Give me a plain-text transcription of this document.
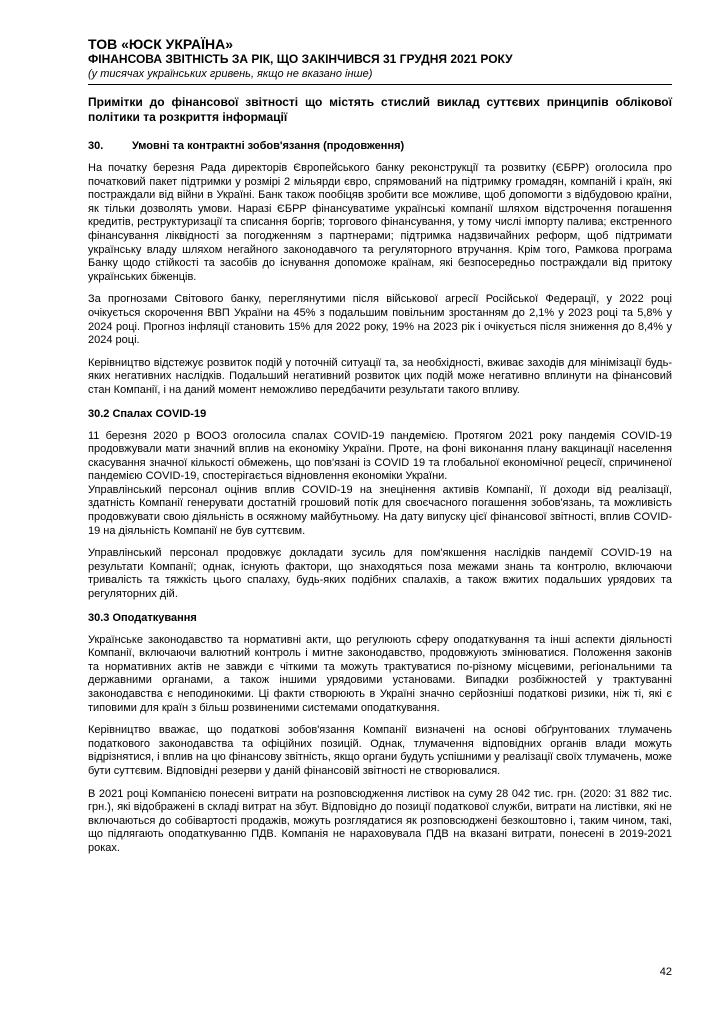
ТОВ «ЮСК УКРАЇНА»
ФІНАНСОВА ЗВІТНІСТЬ ЗА РІК, ЩО ЗАКІНЧИВСЯ 31 ГРУДНЯ 2021 РОКУ
(у тисячах українських гривень, якщо не вказано інше)
Примітки до фінансової звітності що містять стислий виклад суттєвих принципів облікової політики та розкриття інформації
30.	Умовні та контрактні зобов'язання (продовження)

На початку березня Рада директорів Європейського банку реконструкції та розвитку (ЄБРР) оголосила про початковий пакет підтримки у розмірі 2 мільярди євро, спрямований на підтримку громадян, компаній і країн, які постраждали від війни в Україні. Банк також пообіцяв зробити все можливе, щоб допомогти з відбудовою країни, як тільки дозволять умови. Наразі ЄБРР фінансуватиме українські компанії шляхом відстрочення погашення кредитів, реструктуризації та списання боргів; торгового фінансування, у тому числі імпорту палива; екстренного фінансування ліквідності за погодженням з партнерами; підтримка надзвичайних реформ, щоб підтримати українську владу шляхом негайного законодавчого та регуляторного втручання. Крім того, Рамкова програма Банку щодо стійкості та засобів до існування допоможе країнам, які безпосередньо постраждали від притоку українських біженців.

За прогнозами Світового банку, переглянутими після військової агресії Російської Федерації, у 2022 році очікується скорочення ВВП України на 45% з подальшим повільним зростанням до 2,1% у 2023 році та 5,8% у 2024 році. Прогноз інфляції становить 15% для 2022 року, 19% на 2023 рік і очікується після зниження до 8,4% у 2024 році.

Керівництво відстежує розвиток подій у поточній ситуації та, за необхідності, вживає заходів для мінімізації будь-яких негативних наслідків. Подальший негативний розвиток цих подій може негативно вплинути на фінансовий стан Компанії, і на даний момент неможливо передбачити результати такого впливу.

30.2 Спалах COVID-19

11 березня 2020 р ВООЗ оголосила спалах COVID-19 пандемією. Протягом 2021 року пандемія COVID-19 продовжували мати значний вплив на економіку України. Проте, на фоні виконання плану вакцинації населення скасування значної кількості обмежень, що пов'язані із COVID 19 та глобальної економічної рецесії, спричиненої пандемією COVID-19, спостерігається відновлення економіки України.

Управлінський персонал оцінив вплив COVID-19 на знецінення активів Компанії, її доходи від реалізації, здатність Компанії генерувати достатній грошовий потік для своєчасного погашення зобов'язань, та можливість продовжувати свою діяльність в осяжному майбутньому. На дату випуску цієї фінансової звітності, вплив COVID-19 на діяльність Компанії не був суттєвим.

Управлінський персонал продовжує докладати зусиль для пом'якшення наслідків пандемії COVID-19 на результати Компанії; однак, існують фактори, що знаходяться поза межами знань та контролю, включаючи тривалість та тяжкість цього спалаху, будь-яких подібних спалахів, а також вжитих подальших урядових та регуляторних дій.

30.3 Оподаткування

Українське законодавство та нормативні акти, що регулюють сферу оподаткування та інші аспекти діяльності Компанії, включаючи валютний контроль і митне законодавство, продовжують змінюватися. Положення законів та нормативних актів не завжди є чіткими та можуть трактуватися по-різному місцевими, регіональними та державними органами, а також іншими урядовими установами. Випадки розбіжностей у трактуванні законодавства є неподинокими. Ці факти створюють в Україні значно серйозніші податкові ризики, ніж ті, які є типовими для країн з більш розвиненими системами оподаткування.

Керівництво вважає, що податкові зобов'язання Компанії визначені на основі обґрунтованих тлумачень податкового законодавства та офіційних позицій. Однак, тлумачення відповідних органів влади можуть відрізнятися, і вплив на цю фінансову звітність, якщо органи будуть успішними у реалізації своїх тлумачень, може бути суттєвим. Відповідні резерви у даній фінансовій звітності не створювалися.

В 2021 році Компанією понесені витрати на розповсюдження листівок на суму 28 042 тис. грн. (2020: 31 882 тис. грн.), які відображені в складі витрат на збут. Відповідно до позиції податкової служби, витрати на листівки, які не включаються до собівартості продажів, можуть розглядатися як розповсюджені безкоштовно і, таким чином, такі, що підлягають оподаткуванню ПДВ. Компанія не нараховувала ПДВ на вказані витрати, понесені в 2019-2021 роках.

42
